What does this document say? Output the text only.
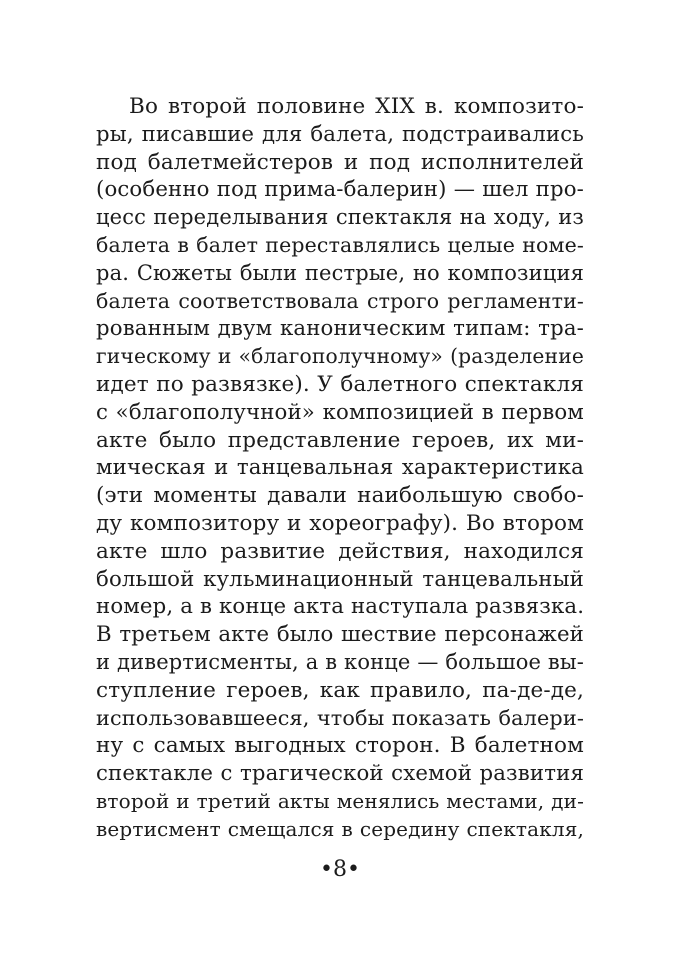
Во второй половине XIX в. композито-
ры, писавшие для балета, подстраивались
под балетмейстеров и под исполнителей
(особенно под прима-балерин) — шел про-
цесс переделывания спектакля на ходу, из
балета в балет переставлялись целые номе-
ра. Сюжеты были пестрые, но композиция
балета соответствовала строго регламенти-
рованным двум каноническим типам: тра-
гическому и «благополучному» (разделение
идет по развязке). У балетного спектакля
с «благополучной» композицией в первом
акте было представление героев, их ми-
мическая и танцевальная характеристика
(эти моменты давали наибольшую свобо-
ду композитору и хореографу). Во втором
акте шло развитие действия, находился
большой кульминационный танцевальный
номер, а в конце акта наступала развязка.
В третьем акте было шествие персонажей
и дивертисменты, а в конце — большое вы-
ступление героев, как правило, па-де-де,
использовавшееся, чтобы показать балери-
ну с самых выгодных сторон. В балетном
спектакле с трагической схемой развития
второй и третий акты менялись местами, ди-
вертисмент смещался в середину спектакля,
•8•
